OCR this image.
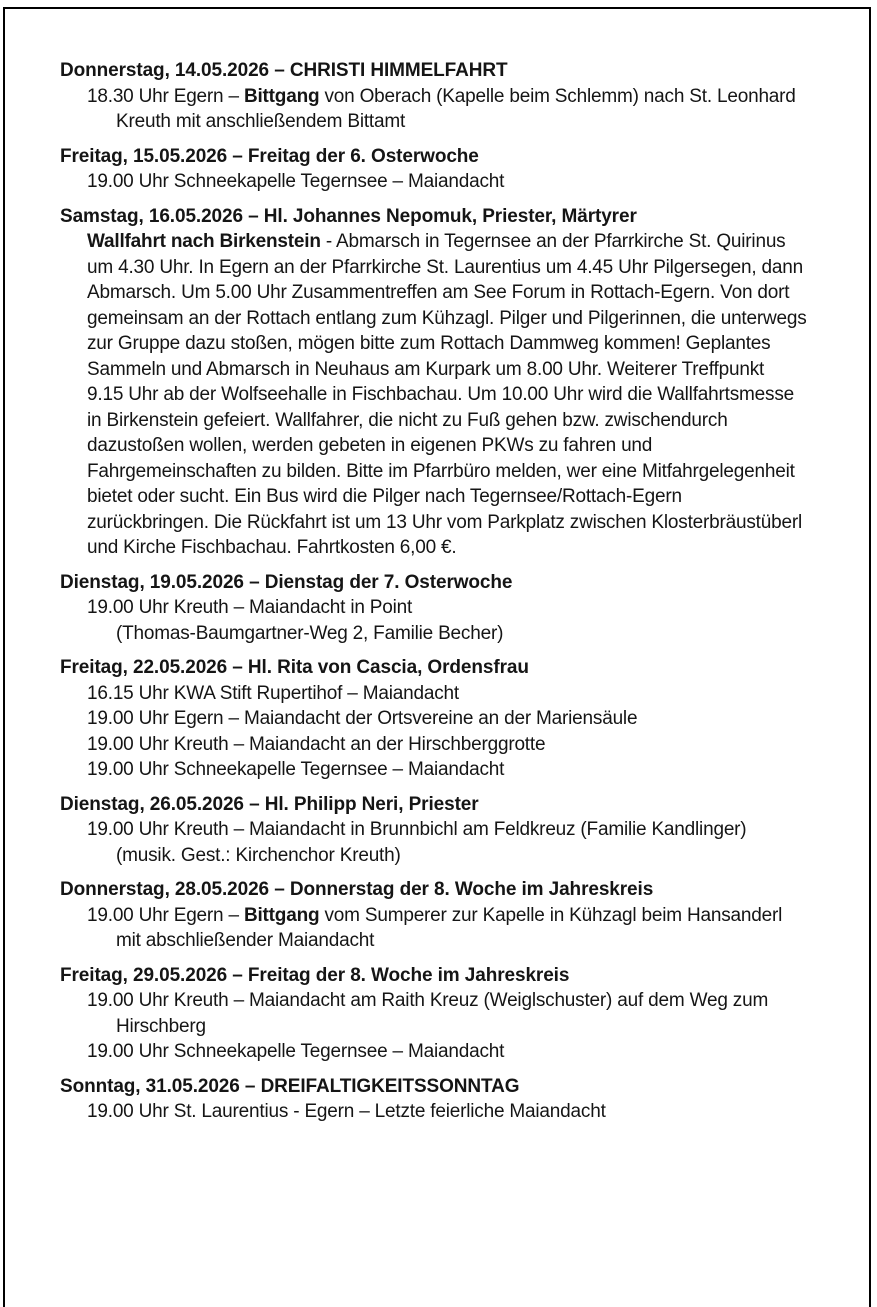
Donnerstag, 14.05.2026 – CHRISTI HIMMELFAHRT
18.30 Uhr Egern – Bittgang von Oberach (Kapelle beim Schlemm) nach St. Leonhard
Kreuth mit anschließendem Bittamt
Freitag, 15.05.2026 – Freitag der 6. Osterwoche
19.00 Uhr Schneekapelle Tegernsee – Maiandacht
Samstag, 16.05.2026 – Hl. Johannes Nepomuk, Priester, Märtyrer
Wallfahrt nach Birkenstein - Abmarsch in Tegernsee an der Pfarrkirche St. Quirinus
um 4.30 Uhr. In Egern an der Pfarrkirche St. Laurentius um 4.45 Uhr Pilgersegen, dann
Abmarsch. Um 5.00 Uhr Zusammentreffen am See Forum in Rottach-Egern. Von dort
gemeinsam an der Rottach entlang zum Kühzagl. Pilger und Pilgerinnen, die unterwegs
zur Gruppe dazu stoßen, mögen bitte zum Rottach Dammweg kommen! Geplantes
Sammeln und Abmarsch in Neuhaus am Kurpark um 8.00 Uhr. Weiterer Treffpunkt
9.15 Uhr ab der Wolfseehalle in Fischbachau. Um 10.00 Uhr wird die Wallfahrtsmesse
in Birkenstein gefeiert. Wallfahrer, die nicht zu Fuß gehen bzw. zwischendurch
dazustoßen wollen, werden gebeten in eigenen PKWs zu fahren und
Fahrgemeinschaften zu bilden. Bitte im Pfarrbüro melden, wer eine Mitfahrgelegenheit
bietet oder sucht. Ein Bus wird die Pilger nach Tegernsee/Rottach-Egern
zurückbringen. Die Rückfahrt ist um 13 Uhr vom Parkplatz zwischen Klosterbräustüberl
und Kirche Fischbachau. Fahrtkosten 6,00 €.
Dienstag, 19.05.2026 – Dienstag der 7. Osterwoche
19.00 Uhr Kreuth – Maiandacht in Point
(Thomas-Baumgartner-Weg 2, Familie Becher)
Freitag, 22.05.2026 – Hl. Rita von Cascia, Ordensfrau
16.15 Uhr KWA Stift Rupertihof – Maiandacht
19.00 Uhr Egern – Maiandacht der Ortsvereine an der Mariensäule
19.00 Uhr Kreuth – Maiandacht an der Hirschberggrotte
19.00 Uhr Schneekapelle Tegernsee – Maiandacht
Dienstag, 26.05.2026 – Hl. Philipp Neri, Priester
19.00 Uhr Kreuth – Maiandacht in Brunnbichl am Feldkreuz (Familie Kandlinger)
(musik. Gest.: Kirchenchor Kreuth)
Donnerstag, 28.05.2026 – Donnerstag der 8. Woche im Jahreskreis
19.00 Uhr Egern – Bittgang vom Sumperer zur Kapelle in Kühzagl beim Hansanderl
mit abschließender Maiandacht
Freitag, 29.05.2026 – Freitag der 8. Woche im Jahreskreis
19.00 Uhr Kreuth – Maiandacht am Raith Kreuz (Weiglschuster) auf dem Weg zum
Hirschberg
19.00 Uhr Schneekapelle Tegernsee – Maiandacht
Sonntag, 31.05.2026 – DREIFALTIGKEITSSONNTAG
19.00 Uhr St. Laurentius - Egern – Letzte feierliche Maiandacht
